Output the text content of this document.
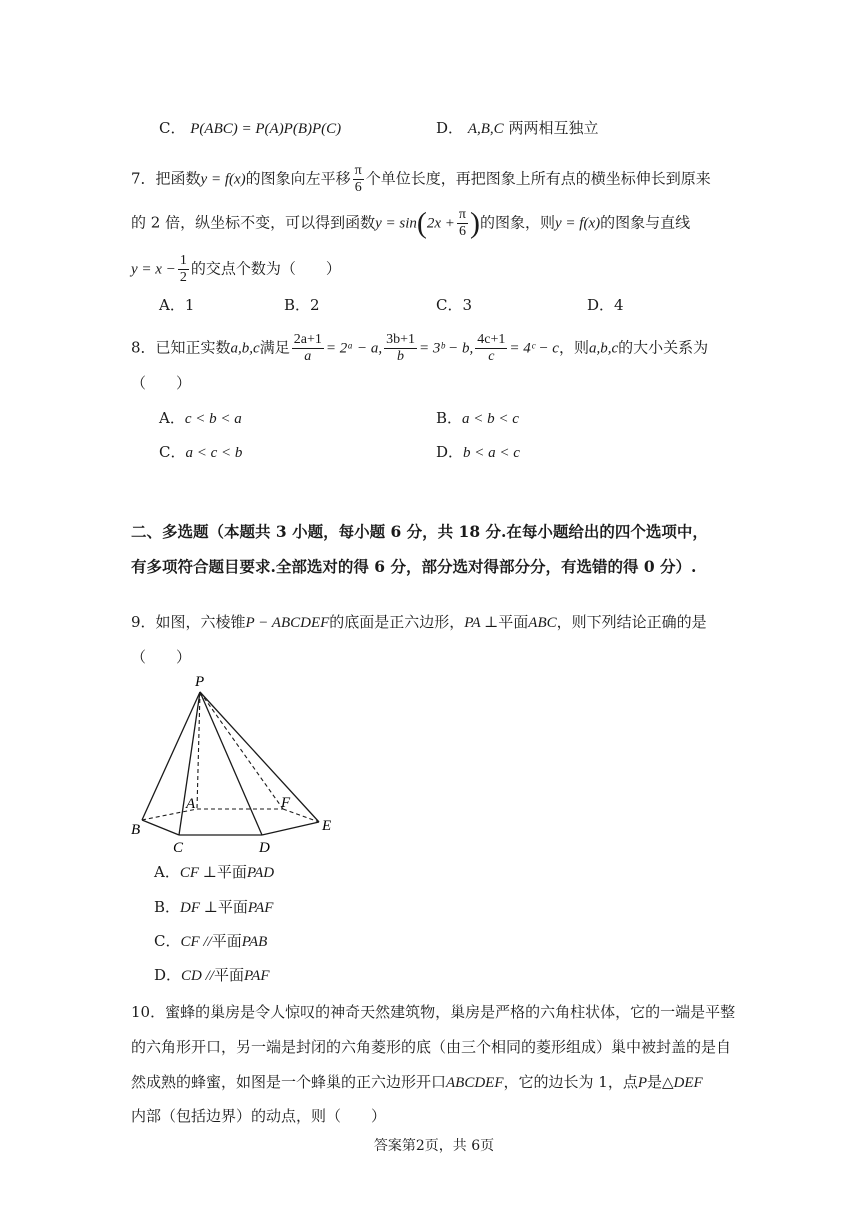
C． P(ABC) = P(A)P(B)P(C)	D． A,B,C 两两相互独立
7．把函数y = f(x)的图象向左平移 $\frac{\pi}{6}$ 个单位长度，再把图象上所有点的横坐标伸长到原来
的 2 倍，纵坐标不变，可以得到函数$y = \sin(2x + \frac{\pi}{6}$ )的图象，则y = f(x)的图象与直线
$y = x - \frac{1}{2}$ 的交点个数为（　　）
A．1	B．2	C．3	D．4
8．已知正实数a,b,c满足 $\frac{2a+1}{a}$ = 2ᵃ − a, $\frac{3b+1}{b}$ = 3ᵇ − b, $\frac{4c+1}{c}$ = 4ᶜ − c，则a,b,c的大小关系为
（　　）
A．c < b < a	B．a < b < c
C．a < c < b	D．b < a < c
二、多选题（本题共 3 小题，每小题 6 分，共 18 分.在每小题给出的四个选项中，
有多项符合题目要求.全部选对的得 6 分，部分选对得部分分，有选错的得 0 分）.
9．如图，六棱锥P − ABCDEF的底面是正六边形，PA ⊥平面ABC，则下列结论正确的是
（　　）
P
A
B
C	D
E
F
A．CF ⊥平面PAD
B．DF ⊥平面PAF
C．CF //平面PAB
D．CD //平面PAF
10．蜜蜂的巢房是令人惊叹的神奇天然建筑物，巢房是严格的六角柱状体，它的一端是平整
的六角形开口，另一端是封闭的六角菱形的底（由三个相同的菱形组成）巢中被封盖的是自
然成熟的蜂蜜，如图是一个蜂巢的正六边形开口ABCDEF，它的边长为 1，点P是△DEF
内部（包括边界）的动点，则（　　）
答案第2页，共 6页
